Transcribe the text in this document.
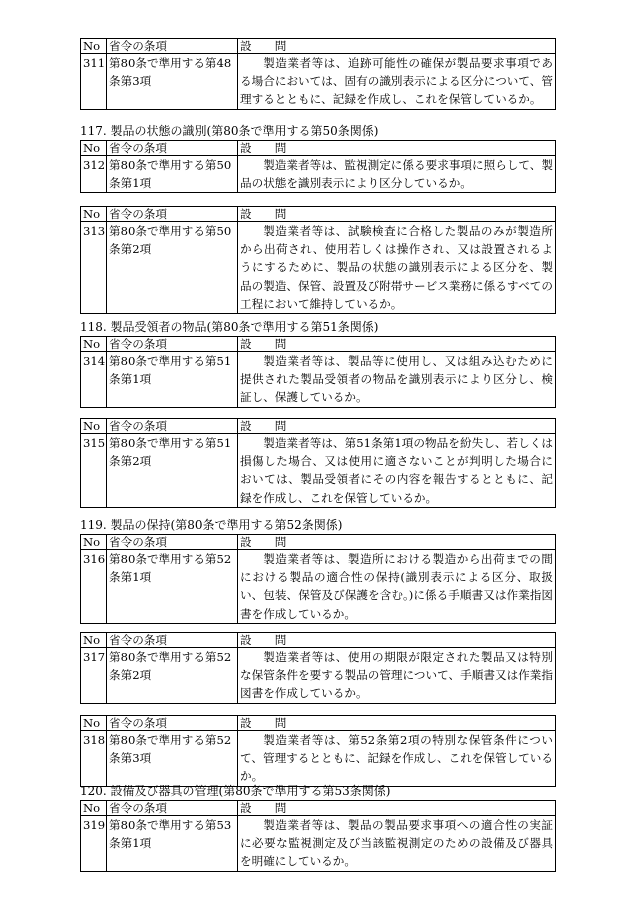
No	省令の条項	設　問
311	第80条で準用する第48条第3項	製造業者等は、追跡可能性の確保が製品要求事項である場合においては、固有の識別表示による区分について、管理するとともに、記録を作成し、これを保管しているか。
117. 製品の状態の識別(第80条で準用する第50条関係)
No	省令の条項	設　問
312	第80条で準用する第50条第1項	製造業者等は、監視測定に係る要求事項に照らして、製品の状態を識別表示により区分しているか。
No	省令の条項	設　問
313	第80条で準用する第50条第2項	製造業者等は、試験検査に合格した製品のみが製造所から出荷され、使用若しくは操作され、又は設置されるようにするために、製品の状態の識別表示による区分を、製品の製造、保管、設置及び附帯サービス業務に係るすべての工程において維持しているか。
118. 製品受領者の物品(第80条で準用する第51条関係)
No	省令の条項	設　問
314	第80条で準用する第51条第1項	製造業者等は、製品等に使用し、又は組み込むために提供された製品受領者の物品を識別表示により区分し、検証し、保護しているか。
No	省令の条項	設　問
315	第80条で準用する第51条第2項	製造業者等は、第51条第1項の物品を紛失し、若しくは損傷した場合、又は使用に適さないことが判明した場合においては、製品受領者にその内容を報告するとともに、記録を作成し、これを保管しているか。
119. 製品の保持(第80条で準用する第52条関係)
No	省令の条項	設　問
316	第80条で準用する第52条第1項	製造業者等は、製造所における製造から出荷までの間における製品の適合性の保持(識別表示による区分、取扱い、包装、保管及び保護を含む。)に係る手順書又は作業指図書を作成しているか。
No	省令の条項	設　問
317	第80条で準用する第52条第2項	製造業者等は、使用の期限が限定された製品又は特別な保管条件を要する製品の管理について、手順書又は作業指図書を作成しているか。
No	省令の条項	設　問
318	第80条で準用する第52条第3項	製造業者等は、第52条第2項の特別な保管条件について、管理するとともに、記録を作成し、これを保管しているか。
120. 設備及び器具の管理(第80条で準用する第53条関係)
No	省令の条項	設　問
319	第80条で準用する第53条第1項	製造業者等は、製品の製品要求事項への適合性の実証に必要な監視測定及び当該監視測定のための設備及び器具を明確にしているか。
